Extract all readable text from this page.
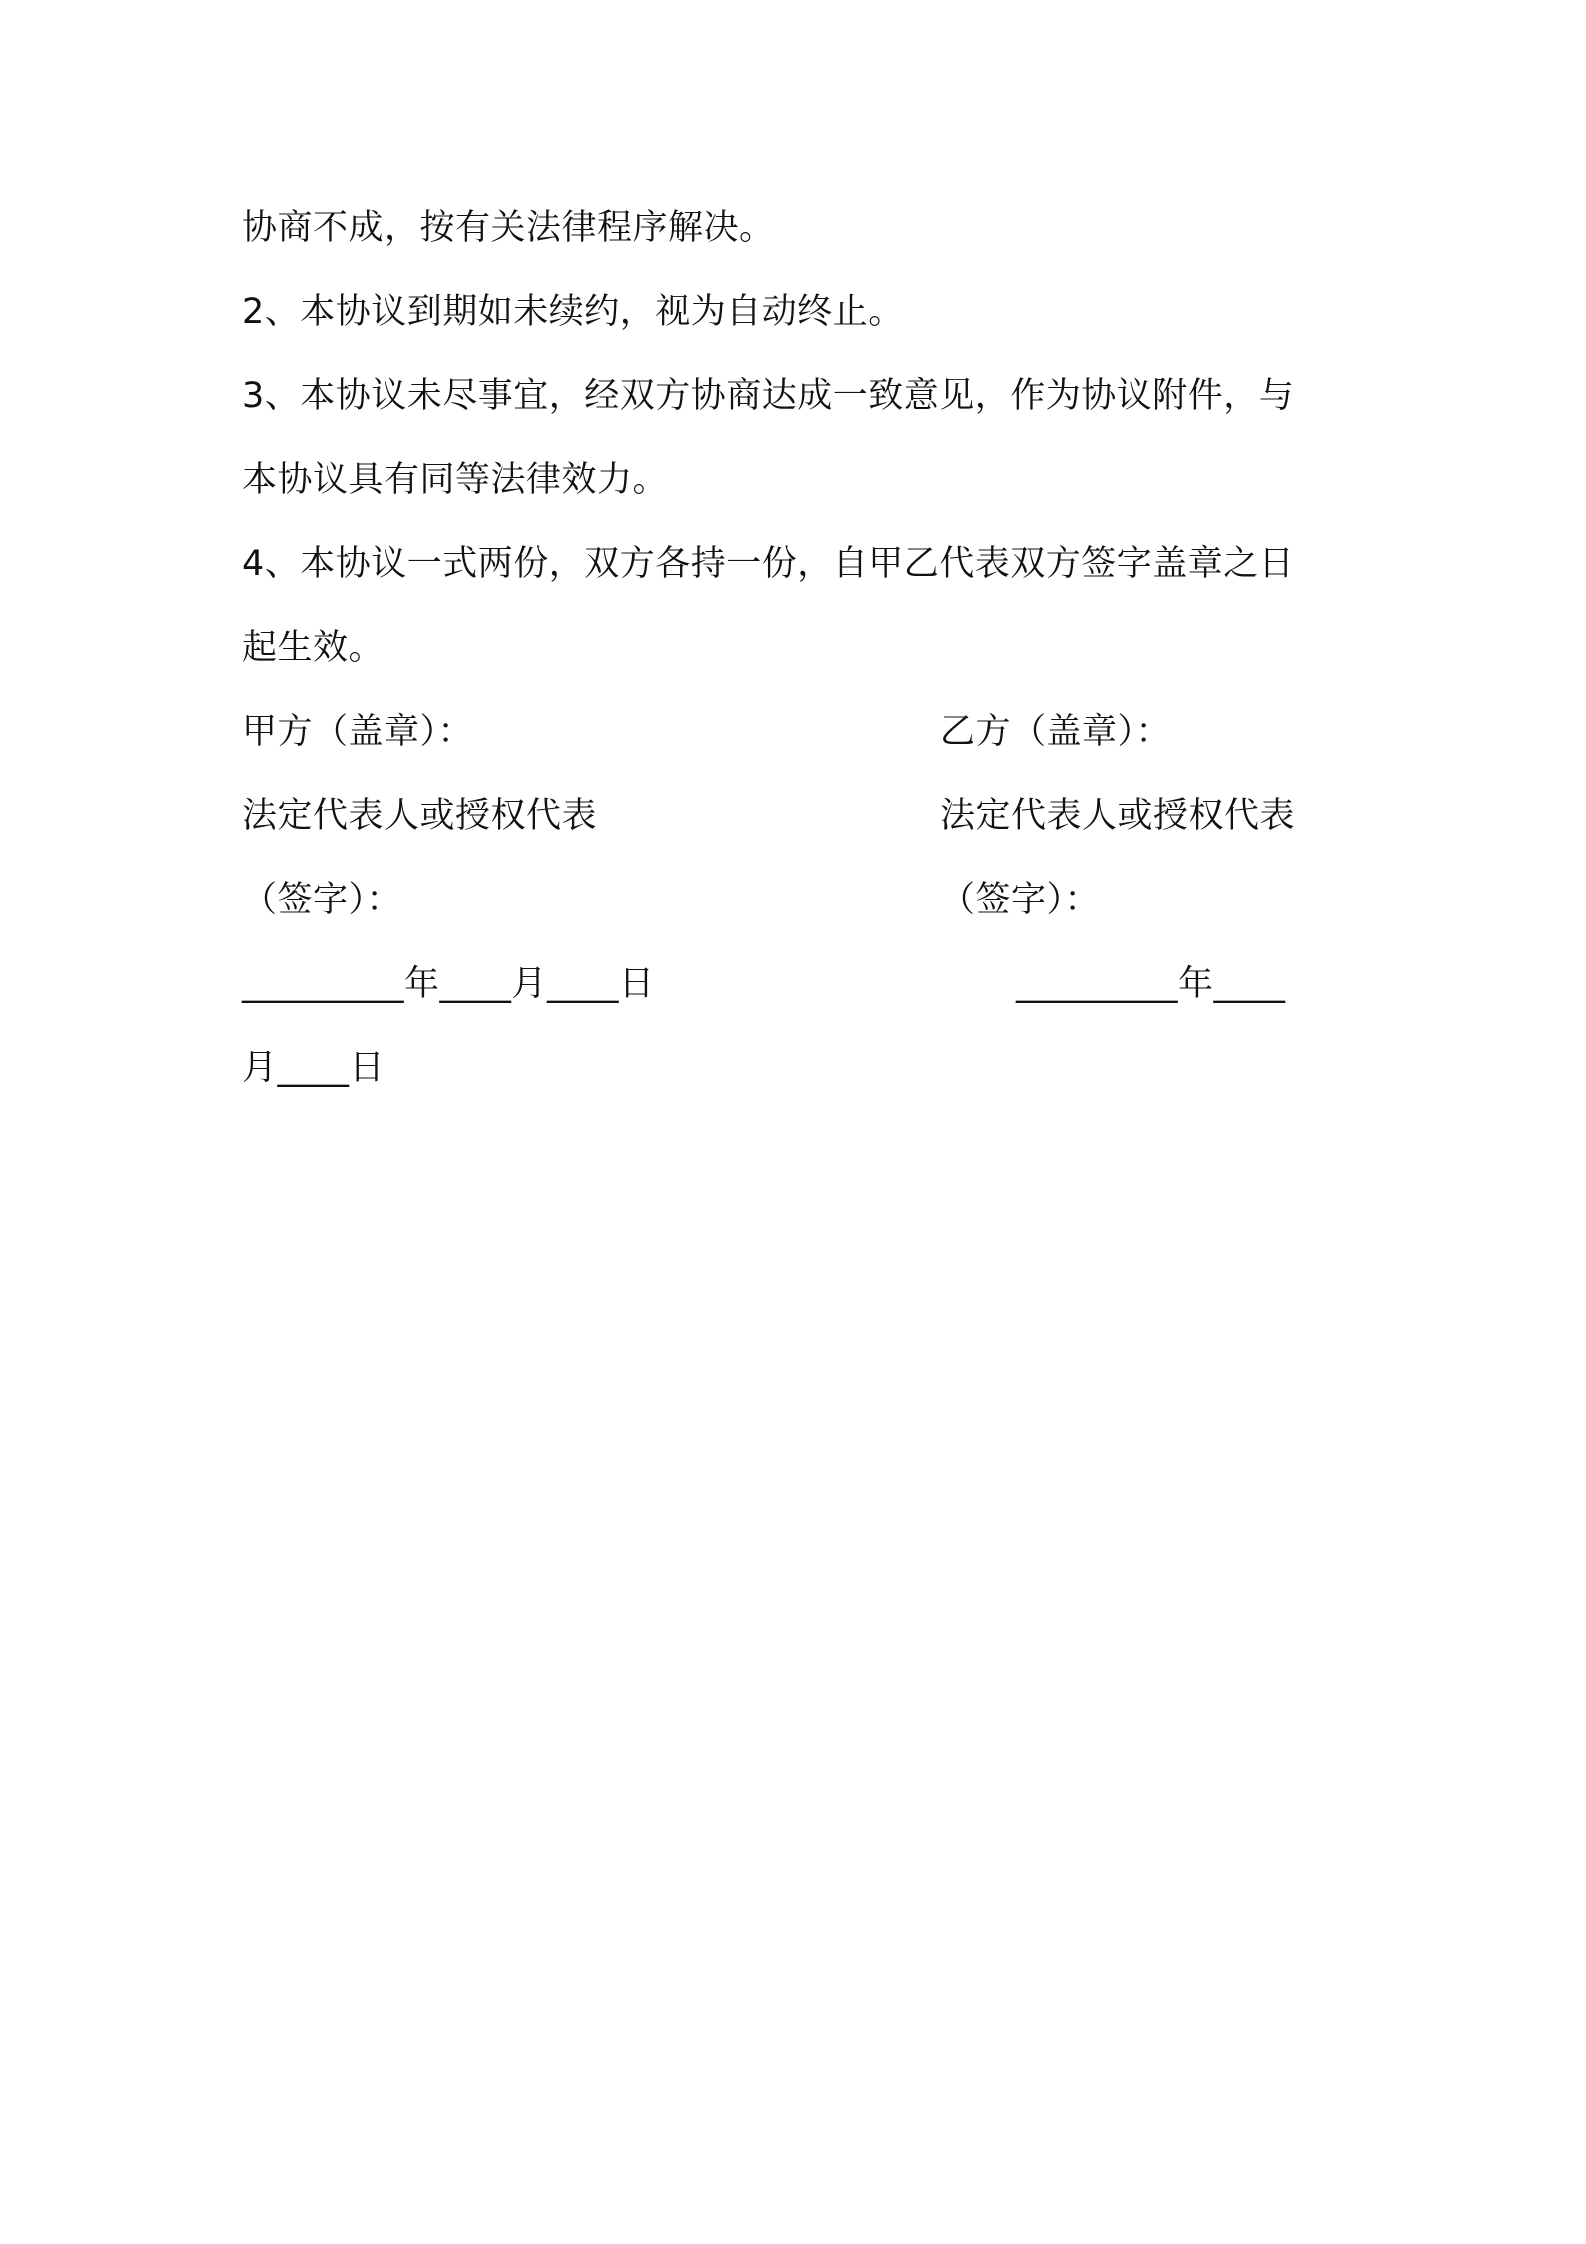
协商不成，按有关法律程序解决。
2、本协议到期如未续约，视为自动终止。
3、本协议未尽事宜，经双方协商达成一致意见，作为协议附件，与
本协议具有同等法律效力。
4、本协议一式两份，双方各持一份，自甲乙代表双方签字盖章之日
起生效。
甲方（盖章）：	乙方（盖章）：
法定代表人或授权代表	法定代表人或授权代表
（签字）：	（签字）：
_________年____月____日	_________年____
月____日
